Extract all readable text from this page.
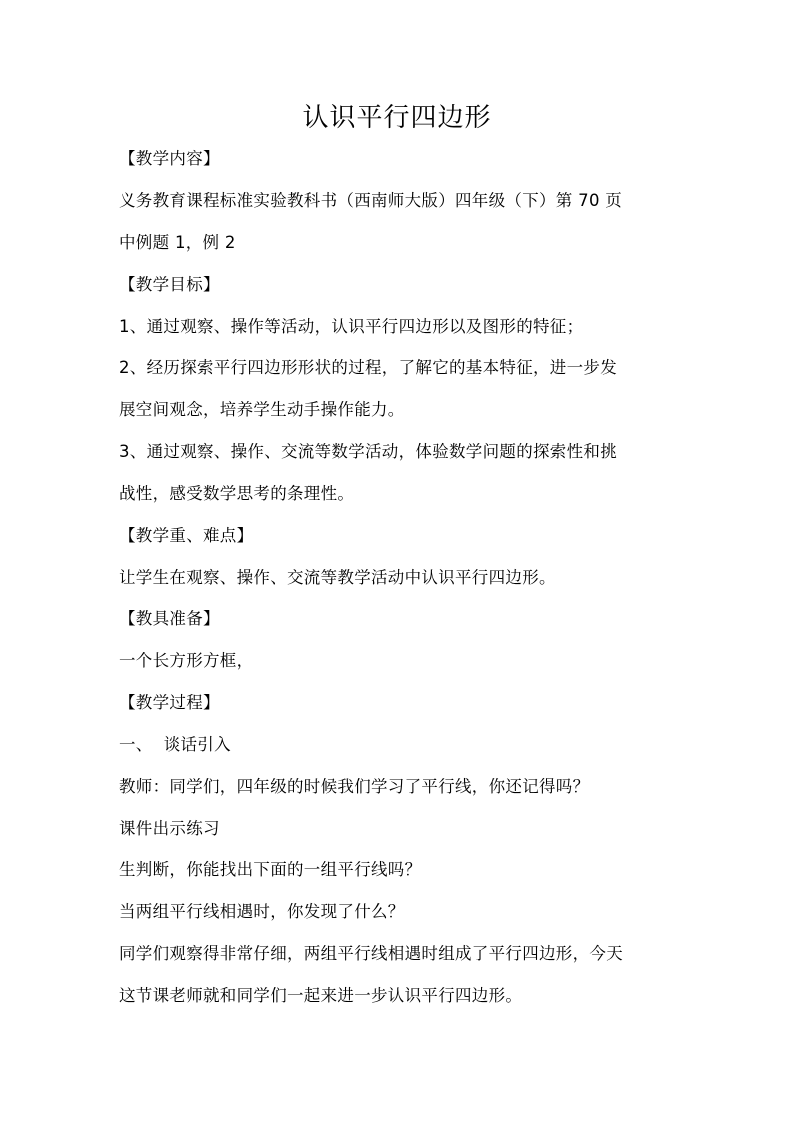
认识平行四边形

【教学内容】

义务教育课程标准实验教科书（西南师大版）四年级（下）第 70 页

中例题 1，例 2

【教学目标】

1、通过观察、操作等活动，认识平行四边形以及图形的特征；

2、经历探索平行四边形形状的过程，了解它的基本特征，进一步发

展空间观念，培养学生动手操作能力。

3、通过观察、操作、交流等数学活动，体验数学问题的探索性和挑

战性，感受数学思考的条理性。

【教学重、难点】

让学生在观察、操作、交流等教学活动中认识平行四边形。

【教具准备】

一个长方形方框，

【教学过程】

一、  谈话引入

教师：同学们，四年级的时候我们学习了平行线，你还记得吗？

课件出示练习

生判断，你能找出下面的一组平行线吗？

当两组平行线相遇时，你发现了什么？

同学们观察得非常仔细，两组平行线相遇时组成了平行四边形，今天

这节课老师就和同学们一起来进一步认识平行四边形。
